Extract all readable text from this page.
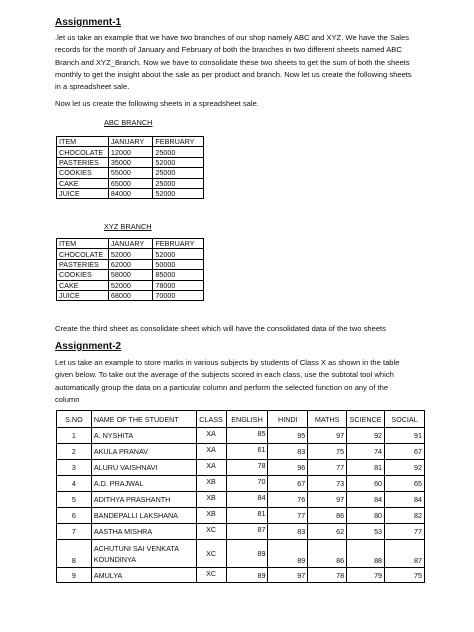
Assignment-1
.let us take an example that we have two branches of our shop namely ABC and XYZ. We have the Sales
records for the month of January and February of both the branches in two different sheets named ABC
Branch and XYZ_Branch. Now we have to consolidate these two sheets to get the sum of both the sheets
monthly to get the insight about the sale as per product and branch. Now let us create the following sheets
in a spreadsheet sale.
Now let us create the following sheets in a spreadsheet sale.
ABC BRANCH
ITEM	JANUARY	FEBRUARY
CHOCOLATE	12000	25000
PASTERIES	35000	52000
COOKIES	55000	25000
CAKE	65000	25000
JUICE	84000	52000
XYZ BRANCH
ITEM	JANUARY	FEBRUARY
CHOCOLATE	52000	52000
PASTERIES	62000	50000
COOKIES	58000	85000
CAKE	52000	78000
JUICE	68000	70000
Create the third sheet as consolidate sheet which will have the consolidated data of the two sheets
Assignment-2
Let us take an example to store marks in various subjects by students of Class X as shown in the table
given below. To take out the average of the subjects scored in each class, use the subtotal tool which
automatically group the data on a particular column and perform the selected function on any of the
column
S.NO	NAME OF THE STUDENT	CLASS	ENGLISH	HINDI	MATHS	SCIENCE	SOCIAL
1	A. NYSHITA	XA	85	95	97	92	91
2	AKULA PRANAV	XA	61	83	75	74	67
3	ALURU VAISHNAVI	XA	78	96	77	81	92
4	A.D. PRAJWAL	XB	70	67	73	60	65
5	ADITHYA PRASHANTH	XB	84	76	97	84	84
6	BANDEPALLI LAKSHANA	XB	81	77	86	80	82
7	AASTHA MISHRA	XC	87	83	62	53	77
8	ACHUTUNI SAI VENKATA KOUNDINYA	XC	89	89	86	88	87
9	AMULYA	XC	89	97	78	79	75
